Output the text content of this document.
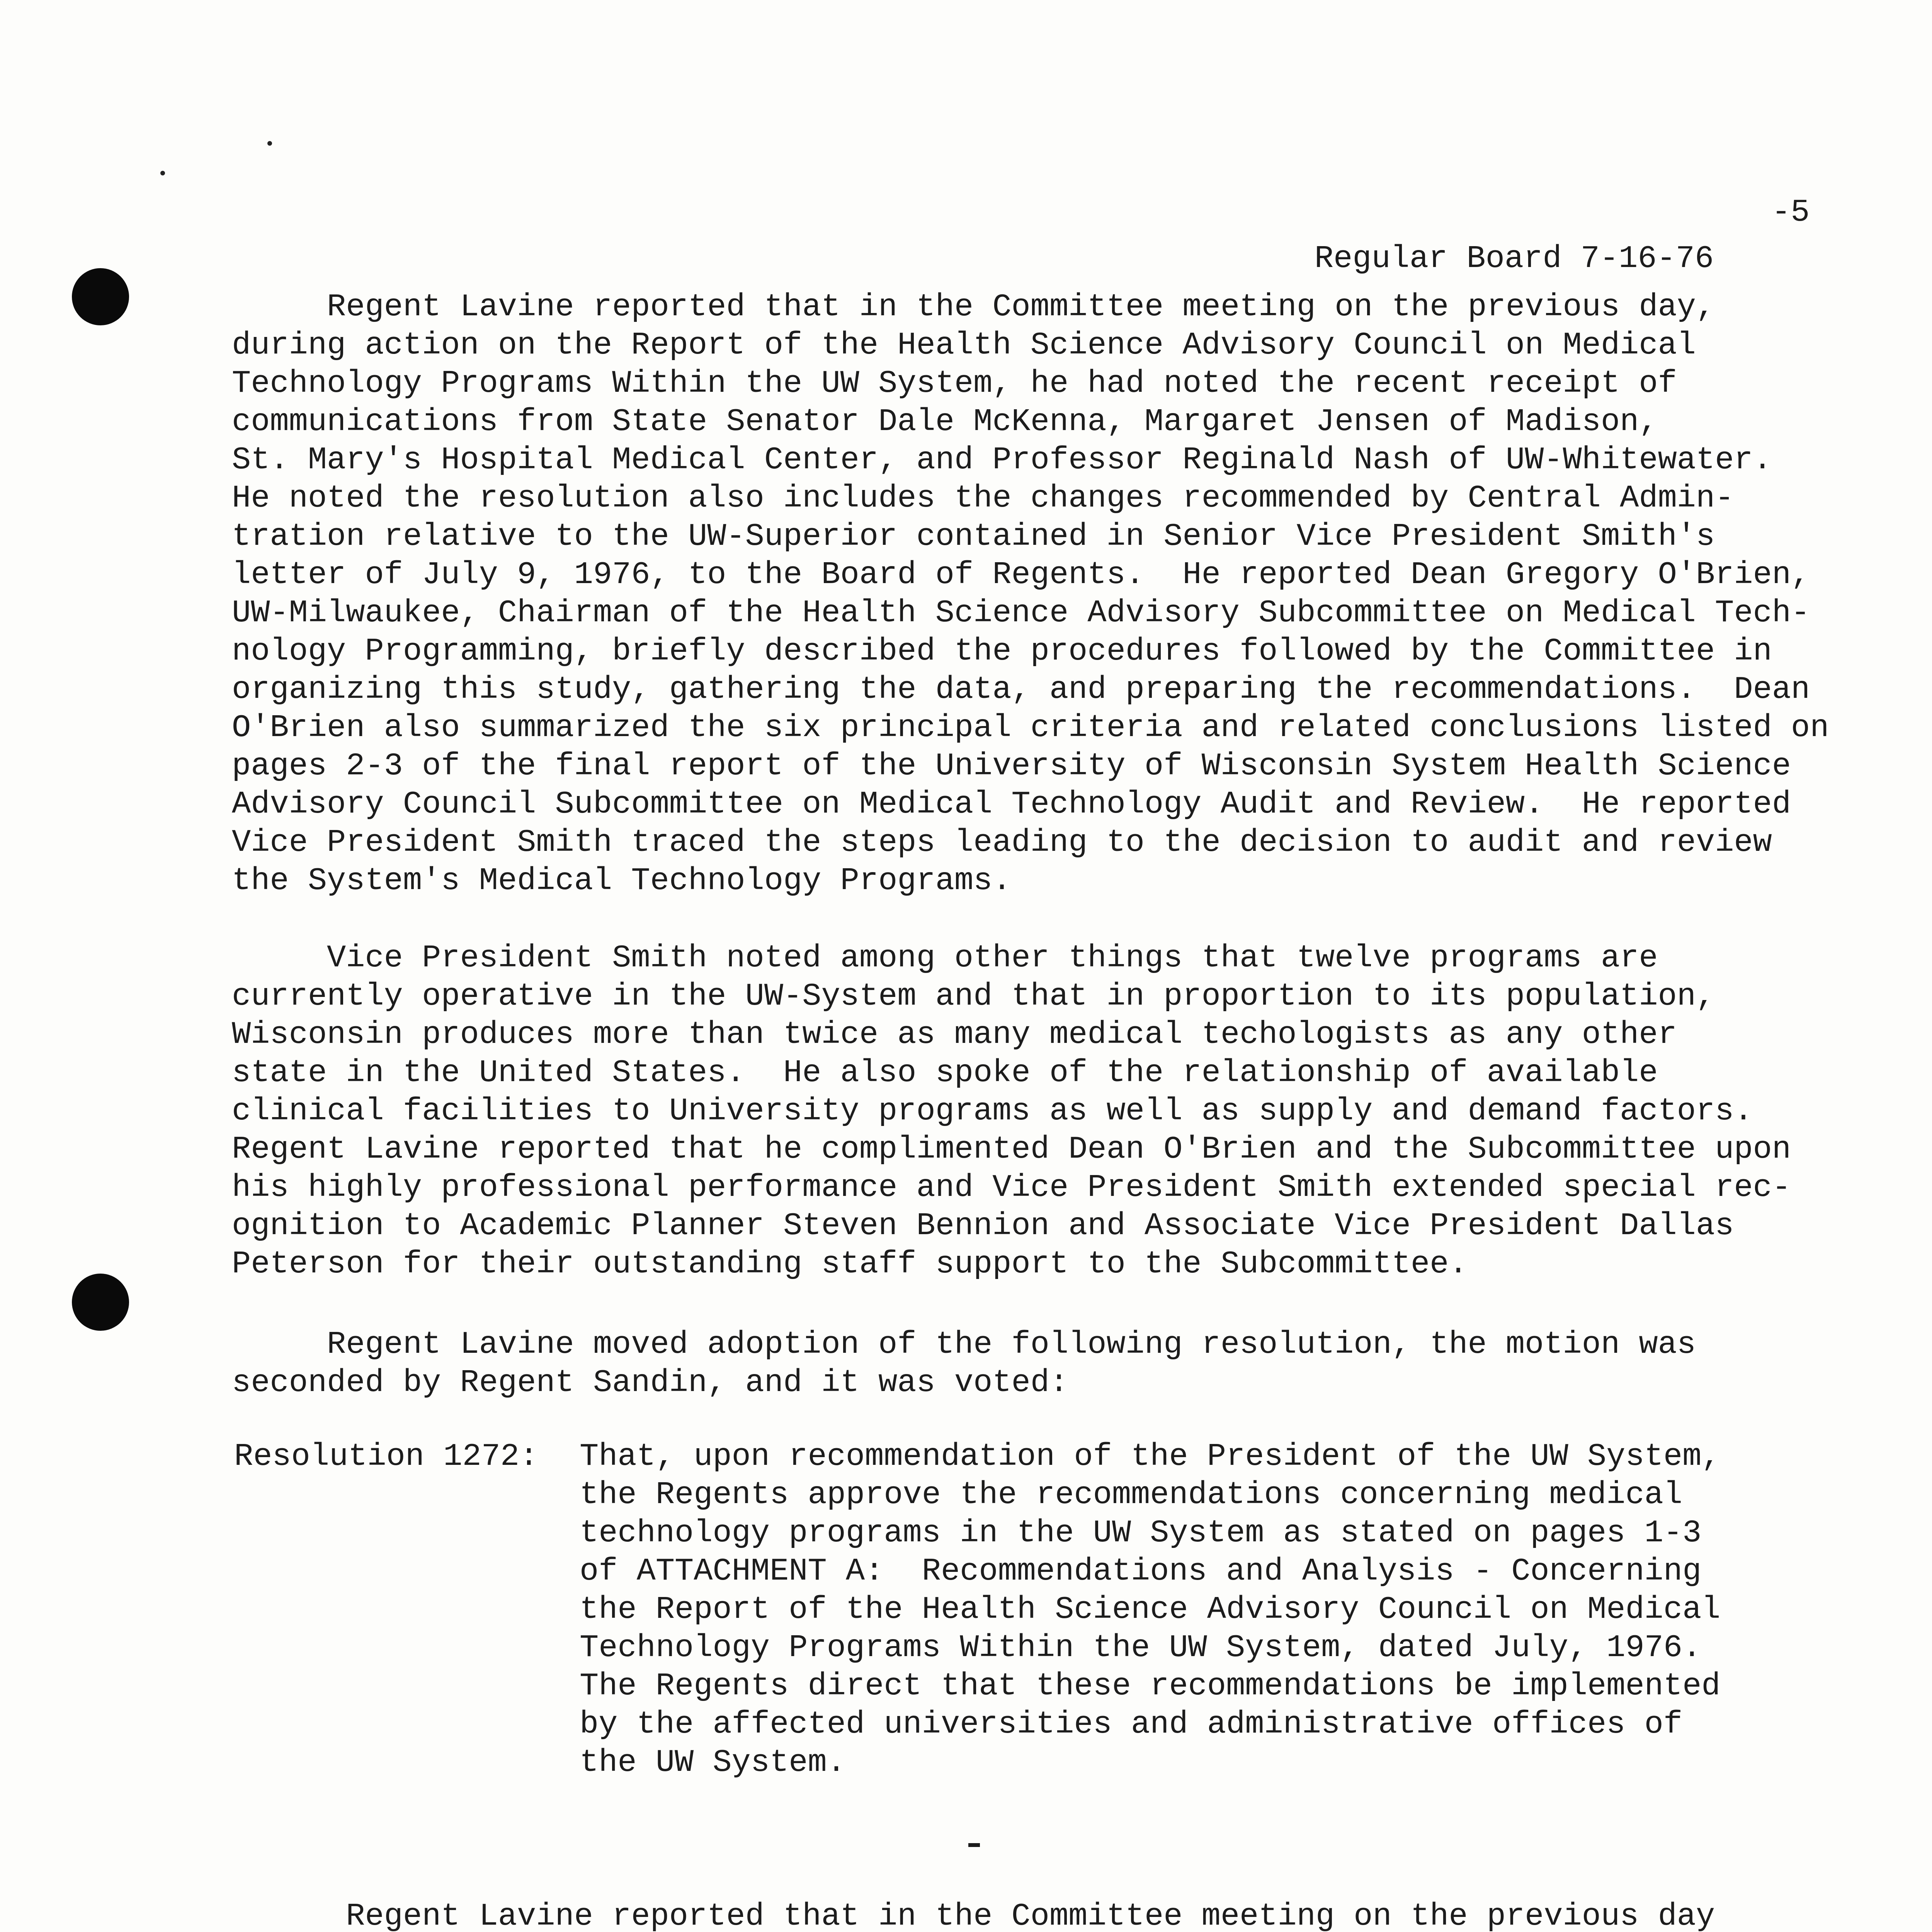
Regular Board 7-16-76

-5

Regent Lavine reported that in the Committee meeting on the previous day,
during action on the Report of the Health Science Advisory Council on Medical
Technology Programs Within the UW System, he had noted the recent receipt of
communications from State Senator Dale McKenna, Margaret Jensen of Madison,
St. Mary's Hospital Medical Center, and Professor Reginald Nash of UW-Whitewater.
He noted the resolution also includes the changes recommended by Central Admin-
tration relative to the UW-Superior contained in Senior Vice President Smith's
letter of July 9, 1976, to the Board of Regents.  He reported Dean Gregory O'Brien,
UW-Milwaukee, Chairman of the Health Science Advisory Subcommittee on Medical Tech-
nology Programming, briefly described the procedures followed by the Committee in
organizing this study, gathering the data, and preparing the recommendations.  Dean
O'Brien also summarized the six principal criteria and related conclusions listed on
pages 2-3 of the final report of the University of Wisconsin System Health Science
Advisory Council Subcommittee on Medical Technology Audit and Review.  He reported
Vice President Smith traced the steps leading to the decision to audit and review
the System's Medical Technology Programs.
Vice President Smith noted among other things that twelve programs are
currently operative in the UW-System and that in proportion to its population,
Wisconsin produces more than twice as many medical techologists as any other
state in the United States.  He also spoke of the relationship of available
clinical facilities to University programs as well as supply and demand factors.
Regent Lavine reported that he complimented Dean O'Brien and the Subcommittee upon
his highly professional performance and Vice President Smith extended special rec-
ognition to Academic Planner Steven Bennion and Associate Vice President Dallas
Peterson for their outstanding staff support to the Subcommittee.
Regent Lavine moved adoption of the following resolution, the motion was
seconded by Regent Sandin, and it was voted:
Resolution 1272: That, upon recommendation of the President of the UW System,
the Regents approve the recommendations concerning medical
technology programs in the UW System as stated on pages 1-3
of ATTACHMENT A:  Recommendations and Analysis - Concerning
the Report of the Health Science Advisory Council on Medical
Technology Programs Within the UW System, dated July, 1976.
The Regents direct that these recommendations be implemented
by the affected universities and administrative offices of
the UW System.
Regent Lavine reported that in the Committee meeting on the previous day
